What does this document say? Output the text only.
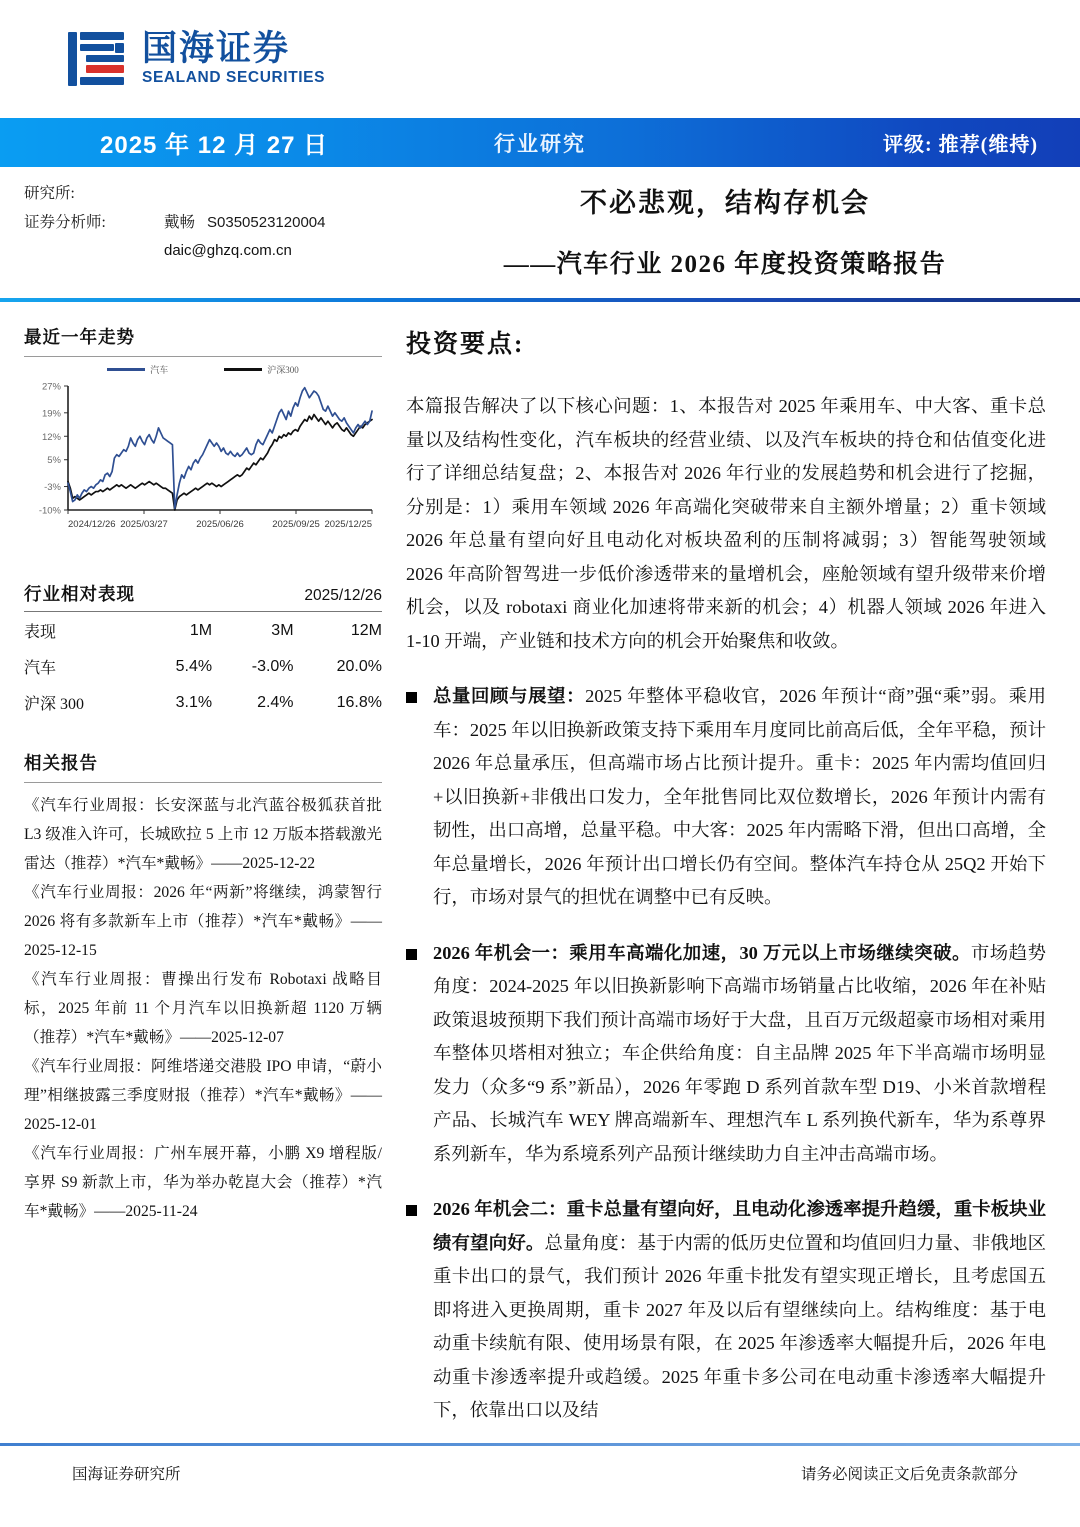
国海证券
SEALAND SECURITIES
2025 年 12 月 27 日	行业研究	评级: 推荐(维持)
研究所:
证券分析师:	戴畅 S0350523120004
daic@ghzq.com.cn
不必悲观，结构存机会
——汽车行业 2026 年度投资策略报告
最近一年走势
汽车	沪深300
-10%
-3%
5%
12%
19%
27%
2024/12/26 2025/03/27	2025/06/26	2025/09/25 2025/12/25
行业相对表现	2025/12/26
表现	1M	3M	12M
汽车	5.4%	-3.0%	20.0%
沪深 300	3.1%	2.4%	16.8%
相关报告
《汽车行业周报：长安深蓝与北汽蓝谷极狐获首批 L3 级准入许可，长城欧拉 5 上市 12 万版本搭载激光雷达（推荐）*汽车*戴畅》——2025-12-22
《汽车行业周报：2026 年“两新”将继续，鸿蒙智行 2026 将有多款新车上市（推荐）*汽车*戴畅》——2025-12-15
《汽车行业周报：曹操出行发布 Robotaxi 战略目标，2025 年前 11 个月汽车以旧换新超 1120 万辆（推荐）*汽车*戴畅》——2025-12-07
《汽车行业周报：阿维塔递交港股 IPO 申请，“蔚小理”相继披露三季度财报（推荐）*汽车*戴畅》——2025-12-01
《汽车行业周报：广州车展开幕，小鹏 X9 增程版/享界 S9 新款上市，华为举办乾崑大会（推荐）*汽车*戴畅》——2025-11-24
投资要点:
本篇报告解决了以下核心问题：1、本报告对 2025 年乘用车、中大客、重卡总量以及结构性变化，汽车板块的经营业绩、以及汽车板块的持仓和估值变化进行了详细总结复盘；2、本报告对 2026 年行业的发展趋势和机会进行了挖掘，分别是：1）乘用车领域 2026 年高端化突破带来自主额外增量；2）重卡领域 2026 年总量有望向好且电动化对板块盈利的压制将减弱；3）智能驾驶领域 2026 年高阶智驾进一步低价渗透带来的量增机会，座舱领域有望升级带来价增机会，以及 robotaxi 商业化加速将带来新的机会；4）机器人领域 2026 年进入 1-10 开端，产业链和技术方向的机会开始聚焦和收敛。
总量回顾与展望：2025 年整体平稳收官，2026 年预计“商”强“乘”弱。乘用车：2025 年以旧换新政策支持下乘用车月度同比前高后低，全年平稳，预计 2026 年总量承压，但高端市场占比预计提升。重卡：2025 年内需均值回归+以旧换新+非俄出口发力，全年批售同比双位数增长，2026 年预计内需有韧性，出口高增，总量平稳。中大客：2025 年内需略下滑，但出口高增，全年总量增长，2026 年预计出口增长仍有空间。整体汽车持仓从 25Q2 开始下行，市场对景气的担忧在调整中已有反映。
2026 年机会一：乘用车高端化加速，30 万元以上市场继续突破。市场趋势角度：2024-2025 年以旧换新影响下高端市场销量占比收缩，2026 年在补贴政策退坡预期下我们预计高端市场好于大盘，且百万元级超豪市场相对乘用车整体贝塔相对独立；车企供给角度：自主品牌 2025 年下半高端市场明显发力（众多“9 系”新品），2026 年零跑 D 系列首款车型 D19、小米首款增程产品、长城汽车 WEY 牌高端新车、理想汽车 L 系列换代新车，华为系尊界系列新车，华为系境系列产品预计继续助力自主冲击高端市场。
2026 年机会二：重卡总量有望向好，且电动化渗透率提升趋缓，重卡板块业绩有望向好。总量角度：基于内需的低历史位置和均值回归力量、非俄地区重卡出口的景气，我们预计 2026 年重卡批发有望实现正增长，且考虑国五即将进入更换周期，重卡 2027 年及以后有望继续向上。结构维度：基于电动重卡续航有限、使用场景有限，在 2025 年渗透率大幅提升后，2026 年电动重卡渗透率提升或趋缓。2025 年重卡多公司在电动重卡渗透率大幅提升下，依靠出口以及结
国海证券研究所	请务必阅读正文后免责条款部分
